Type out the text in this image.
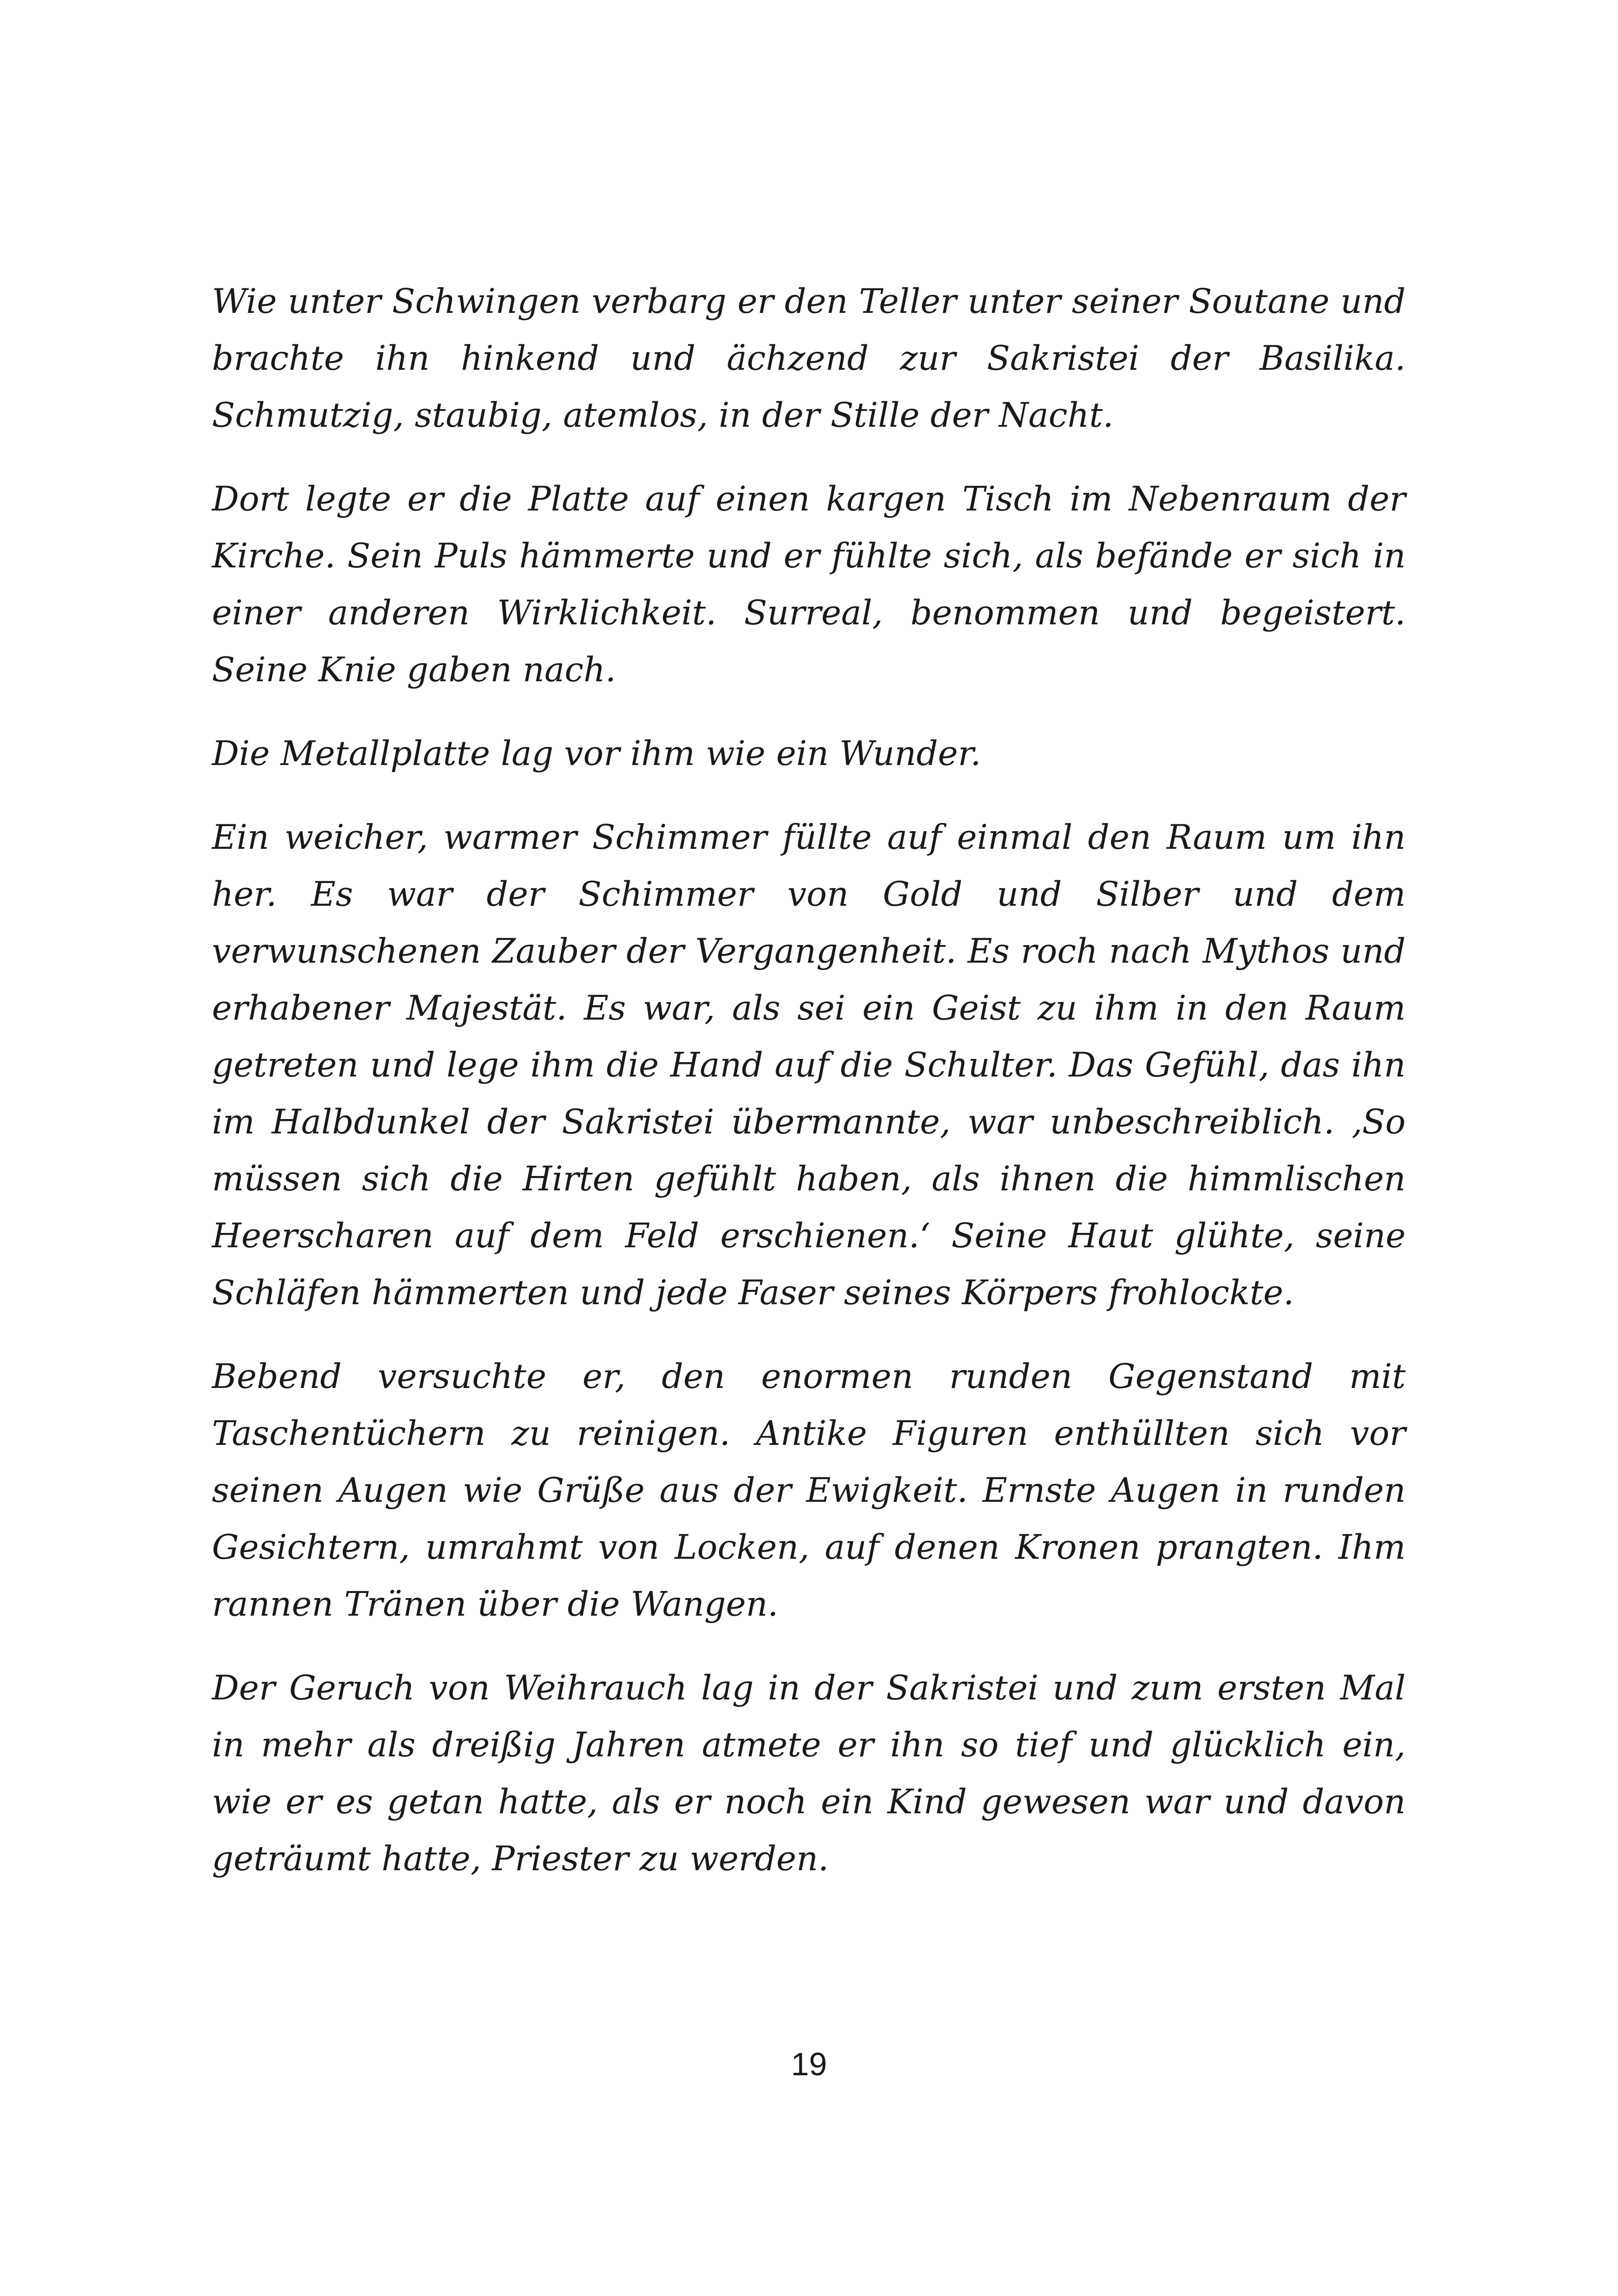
Wie unter Schwingen verbarg er den Teller unter seiner Soutane und brachte ihn hinkend und ächzend zur Sakristei der Basilika. Schmutzig, staubig, atemlos, in der Stille der Nacht.

Dort legte er die Platte auf einen kargen Tisch im Nebenraum der Kirche. Sein Puls hämmerte und er fühlte sich, als befände er sich in einer anderen Wirklichkeit. Surreal, benommen und begeistert. Seine Knie gaben nach.

Die Metallplatte lag vor ihm wie ein Wunder.

Ein weicher, warmer Schimmer füllte auf einmal den Raum um ihn her. Es war der Schimmer von Gold und Silber und dem verwunschenen Zauber der Vergangenheit. Es roch nach Mythos und erhabener Majestät. Es war, als sei ein Geist zu ihm in den Raum getreten und lege ihm die Hand auf die Schulter. Das Gefühl, das ihn im Halbdunkel der Sakristei übermannte, war unbeschreiblich. ‚So müssen sich die Hirten gefühlt haben, als ihnen die himmlischen Heerscharen auf dem Feld erschienen.‘ Seine Haut glühte, seine Schläfen hämmerten und jede Faser seines Körpers frohlockte.

Bebend versuchte er, den enormen runden Gegenstand mit Taschentüchern zu reinigen. Antike Figuren enthüllten sich vor seinen Augen wie Grüße aus der Ewigkeit. Ernste Augen in runden Gesichtern, umrahmt von Locken, auf denen Kronen prangten. Ihm rannen Tränen über die Wangen.

Der Geruch von Weihrauch lag in der Sakristei und zum ersten Mal in mehr als dreißig Jahren atmete er ihn so tief und glücklich ein, wie er es getan hatte, als er noch ein Kind gewesen war und davon geträumt hatte, Priester zu werden.

19
